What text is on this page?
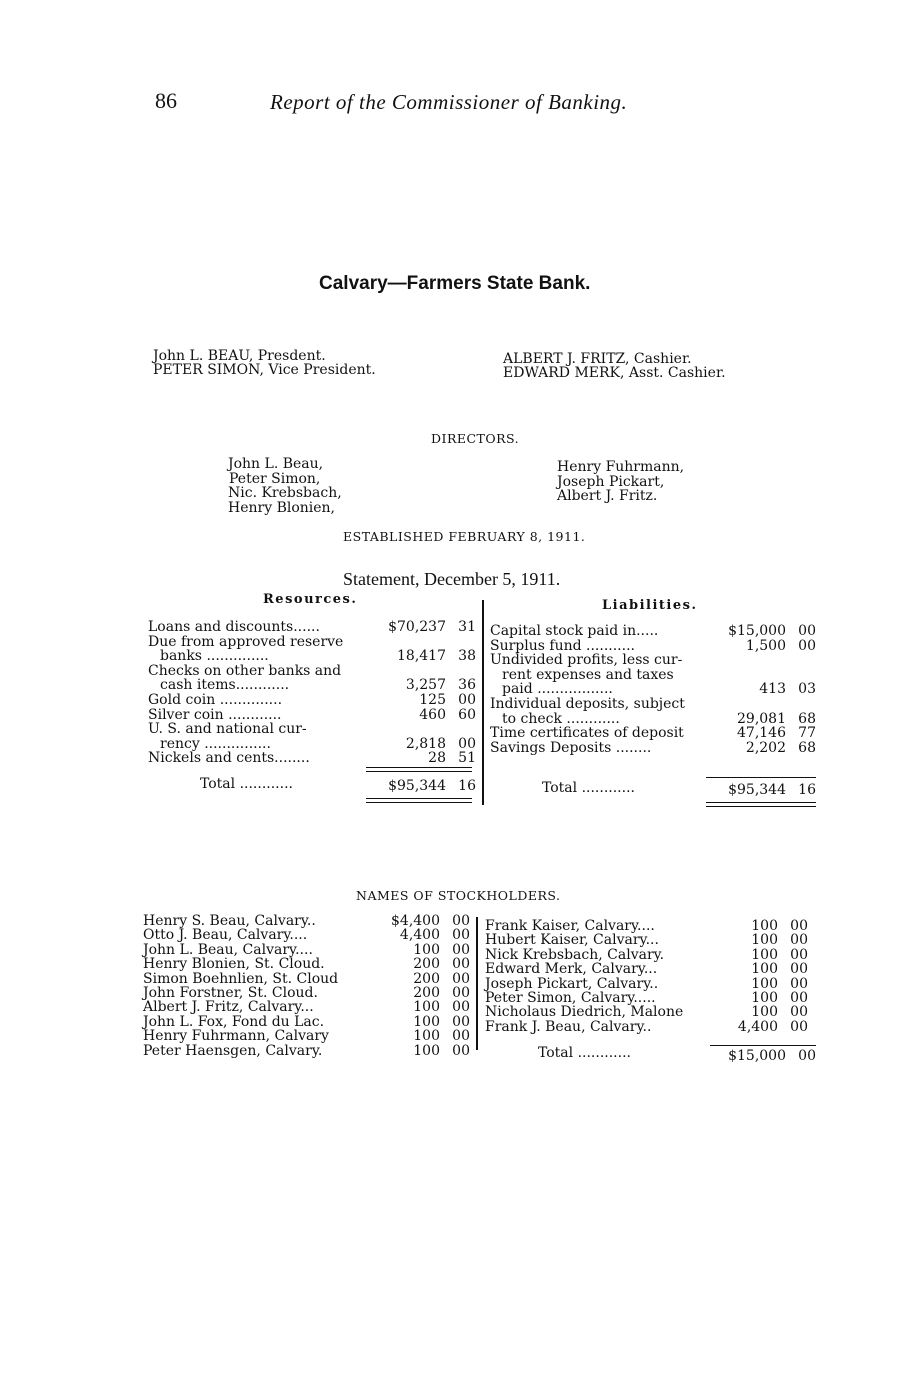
86	Report of the Commissioner of Banking.
Calvary—Farmers State Bank.
John L. BEAU, Presdent.
PETER SIMON, Vice President.
ALBERT J. FRITZ, Cashier.
EDWARD MERK, Asst. Cashier.
DIRECTORS.
John L. Beau,
Peter Simon,
Nic. Krebsbach,
Henry Blonien,
Henry Fuhrmann,
Joseph Pickart,
Albert J. Fritz.
ESTABLISHED FEBRUARY 8, 1911.
Statement, December 5, 1911.
Resources.	Liabilities.
Loans and discounts......	$70,237 31
Due from approved reserve
banks ..............	18,417 38
Checks on other banks and
cash items............	3,257 36
Gold coin ..............	125 00
Silver coin ............	460 60
U. S. and national cur-
rency ...............	2,818 00
Nickels and cents........	28 51
Total ............	$95,344 16
Capital stock paid in.....	$15,000 00
Surplus fund ...........	1,500 00
Undivided profits, less cur-
rent expenses and taxes
paid .................	413 03
Individual deposits, subject
to check ............	29,081 68
Time certificates of deposit	47,146 77
Savings Deposits ........	2,202 68
Total ............	$95,344 16
NAMES OF STOCKHOLDERS.
Henry S. Beau, Calvary..	$4,400 00
Otto J. Beau, Calvary....	4,400 00
John L. Beau, Calvary....	100 00
Henry Blonien, St. Cloud.	200 00
Simon Boehnlien, St. Cloud	200 00
John Forstner, St. Cloud.	200 00
Albert J. Fritz, Calvary...	100 00
John L. Fox, Fond du Lac.	100 00
Henry Fuhrmann, Calvary	100 00
Peter Haensgen, Calvary.	100 00
Frank Kaiser, Calvary....	100 00
Hubert Kaiser, Calvary...	100 00
Nick Krebsbach, Calvary.	100 00
Edward Merk, Calvary...	100 00
Joseph Pickart, Calvary..	100 00
Peter Simon, Calvary.....	100 00
Nicholaus Diedrich, Malone	100 00
Frank J. Beau, Calvary..	4,400 00
Total ............	$15,000 00
